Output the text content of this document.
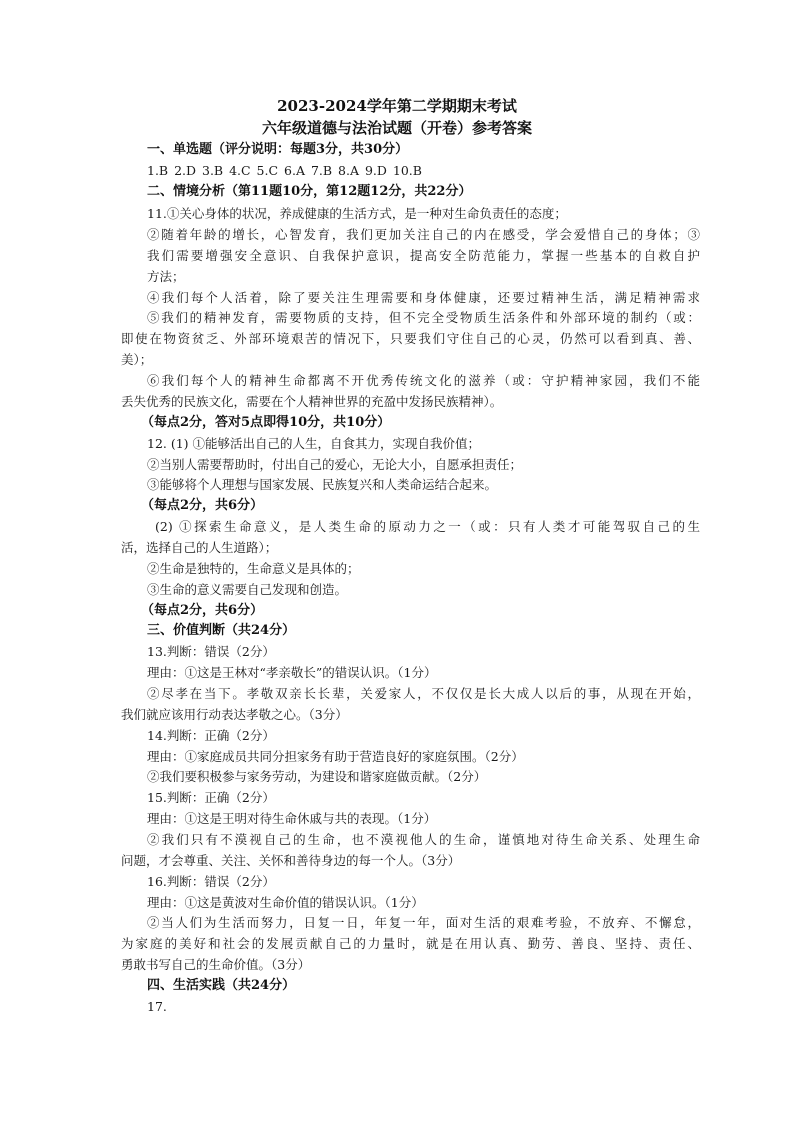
2023-2024学年第二学期期末考试
六年级道德与法治试题（开卷）参考答案
一、单选题（评分说明：每题3分，共30分）
1.B 2.D 3.B 4.C 5.C 6.A 7.B 8.A 9.D 10.B
二、情境分析（第11题10分，第12题12分，共22分）
11.①关心身体的状况，养成健康的生活方式，是一种对生命负责任的态度；
②随着年龄的增长，心智发育，我们更加关注自己的内在感受，学会爱惜自己的身体；③
我们需要增强安全意识、自我保护意识，提高安全防范能力，掌握一些基本的自救自护
方法；
④我们每个人活着，除了要关注生理需要和身体健康，还要过精神生活，满足精神需求
⑤我们的精神发育，需要物质的支持，但不完全受物质生活条件和外部环境的制约（或：
即使在物资贫乏、外部环境艰苦的情况下，只要我们守住自己的心灵，仍然可以看到真、善、
美）；
⑥我们每个人的精神生命都离不开优秀传统文化的滋养（或：守护精神家园，我们不能
丢失优秀的民族文化，需要在个人精神世界的充盈中发扬民族精神）。
（每点2分，答对5点即得10分，共10分）
12. (1) ①能够活出自己的人生，自食其力，实现自我价值；
②当别人需要帮助时，付出自己的爱心，无论大小，自愿承担责任；
③能够将个人理想与国家发展、民族复兴和人类命运结合起来。
（每点2分，共6分）
(2) ①探索生命意义，是人类生命的原动力之一（或：只有人类才可能驾驭自己的生
活，选择自己的人生道路）；
②生命是独特的，生命意义是具体的；
③生命的意义需要自己发现和创造。
（每点2分，共6分）
三、价值判断（共24分）
13.判断：错误（2分）
理由：①这是王林对“孝亲敬长”的错误认识。（1分）
②尽孝在当下。孝敬双亲长长辈，关爱家人，不仅仅是长大成人以后的事，从现在开始，
我们就应该用行动表达孝敬之心。（3分）
14.判断：正确（2分）
理由：①家庭成员共同分担家务有助于营造良好的家庭氛围。（2分）
②我们要积极参与家务劳动，为建设和谐家庭做贡献。（2分）
15.判断：正确（2分）
理由：①这是王明对待生命休戚与共的表现。（1分）
②我们只有不漠视自己的生命，也不漠视他人的生命，谨慎地对待生命关系、处理生命
问题，才会尊重、关注、关怀和善待身边的每一个人。（3分）
16.判断：错误（2分）
理由：①这是黄波对生命价值的错误认识。（1分）
②当人们为生活而努力，日复一日，年复一年，面对生活的艰难考验，不放弃、不懈怠，
为家庭的美好和社会的发展贡献自己的力量时，就是在用认真、勤劳、善良、坚持、责任、
勇敢书写自己的生命价值。（3分）
四、生活实践（共24分）
17.
